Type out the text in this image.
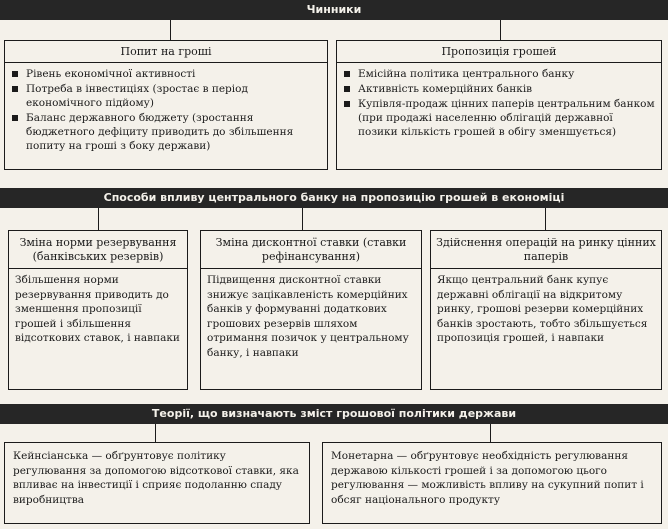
Чинники
Попит на гроші
Рівень економічної активності
Потреба в інвестиціях (зростає в період економічного підйому)
Баланс державного бюджету (зростання бюджетного дефіциту приводить до збільшення попиту на гроші з боку держави)
Пропозиція грошей
Емісійна політика центрального банку
Активність комерційних банків
Купівля-продаж цінних паперів центральним банком (при продажі населенню облігацій державної позики кількість грошей в обігу зменшується)
Способи впливу центрального банку на пропозицію грошей в економіці
Зміна норми резервування (банківських резервів)
Збільшення норми резервування приводить до зменшення пропозиції грошей і збільшення відсоткових ставок, і навпаки
Зміна дисконтної ставки (ставки рефінансування)
Підвищення дисконтної ставки знижує зацікавленість комерційних банків у формуванні додаткових грошових резервів шляхом отримання позичок у центральному банку, і навпаки
Здійснення операцій на ринку цінних паперів
Якщо центральний банк купує державні облігації на відкритому ринку, грошові резерви комерційних банків зростають, тобто збільшується пропозиція грошей, і навпаки
Теорії, що визначають зміст грошової політики держави
Кейнсіанська — обґрунтовує політику регулювання за допомогою відсоткової ставки, яка впливає на інвестиції і сприяє подоланню спаду виробництва
Монетарна — обґрунтовує необхідність регулювання державою кількості грошей і за допомогою цього регулювання — можливість впливу на сукупний попит і обсяг національного продукту
